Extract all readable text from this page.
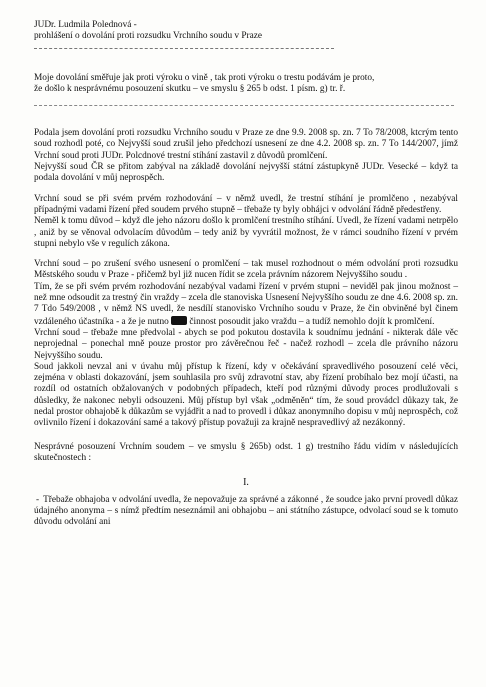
JUDr. Ludmila Polednová -
prohlášení o dovolání proti rozsudku Vrchního soudu v Praze
Moje dovolání směřuje jak proti výroku o vině , tak proti výroku o trestu podávám je proto,
že došlo k nesprávnému posouzení skutku – ve smyslu § 265 b odst. 1 písm. g) tr. ř.

Podala jsem dovolání proti rozsudku Vrchního soudu v Praze ze dne 9.9. 2008 sp. zn. 7 To 78/2008, ktcrým tento soud rozhodl poté, co Nejvyšší soud zrušil jeho předchozí usnesení ze dne 4.2. 2008 sp. zn. 7 To 144/2007, jímž Vrchní soud proti JUDr. Polcdnové trestní stíhání zastavil z důvodů promlčení.

Nejvyšší soud ČR se přitom zabýval na základě dovolání nejvyšší státní zástupkyně JUDr. Vesecké – když ta podala dovolání v můj neprospěch.

Vrchní soud se při svém prvém rozhodování – v němž uvedl, že trestní stíhání je promlčeno , nezabýval případnými vadami řízení před soudem prvého stupně – třebaže ty byly obhájci v odvolání řádně předestřeny.

Neměl k tomu důvod – když dle jeho názoru došlo k promlčení trestního stíhání. Uvedl, že řízení vadami netrpělo , aniž by se věnoval odvolacím důvodům – tedy aniž by vyvrátil možnost, že v rámci soudního řízení v prvém stupni nebylo vše v regulích zákona.

Vrchní soud – po zrušení svého usnesení o promlčení – tak musel rozhodnout o mém odvolání proti rozsudku Městského soudu v Praze - přičemž byl již nucen řídit se zcela právním názorem Nejvyššího soudu .

Tím, že se při svém prvém rozhodování nezabýval vadami řízení v prvém stupni – neviděl pak jinou možnost – než mne odsoudit za trestný čin vraždy – zcela dle stanoviska Usnesení Nejvyššího soudu ze dne 4.6. 2008 sp. zn. 7 Tdo 549/2008 , v němž NS uvedl, že nesdílí stanovisko Vrchního soudu v Praze, že čin obviněné byl činem vzdáleného účastníka - a že je nutno činnost posoudit jako vraždu – a tudíž nemohlo dojít k promlčení.

Vrchní soud – třebaže mne předvolal - abych se pod pokutou dostavila k soudnímu jednání - nikterak dále věc neprojednal – ponechal mně pouze prostor pro závěrečnou řeč - načež rozhodl – zcela dle právního názoru Nejvyššího soudu.

Soud jakkoli nevzal ani v úvahu můj přístup k řízení, kdy v očekávání spravedlivého posouzení celé věci, zejména v oblasti dokazování, jsem souhlasila pro svůj zdravotní stav, aby řízení probíhalo bez mojí účasti, na rozdíl od ostatních obžalovaných v podobných případech, kteří pod různými důvody proces prodlužovali s důsledky, že nakonec nebyli odsouzeni. Můj přístup byl však „odměněn“ tím, že soud provádcl důkazy tak, že nedal prostor obhajobě k důkazům se vyjádřit a nad to provedl i důkaz anonymního dopisu v můj neprospěch, což ovlivnilo řízení i dokazování samé a takový přístup považuji za krajně nespravedlivý až nezákonný.

Nesprávné posouzení Vrchním soudem – ve smyslu § 265b) odst. 1 g) trestního řádu vidím v následujících skutečnostech :

I.

- Třebaže obhajoba v odvolání uvedla, že nepovažuje za správné a zákonné , že soudce jako první provedl důkaz údajného anonyma – s nímž předtím neseznámil ani obhajobu – ani státního zástupce, odvolací soud se k tomuto důvodu odvolání ani
